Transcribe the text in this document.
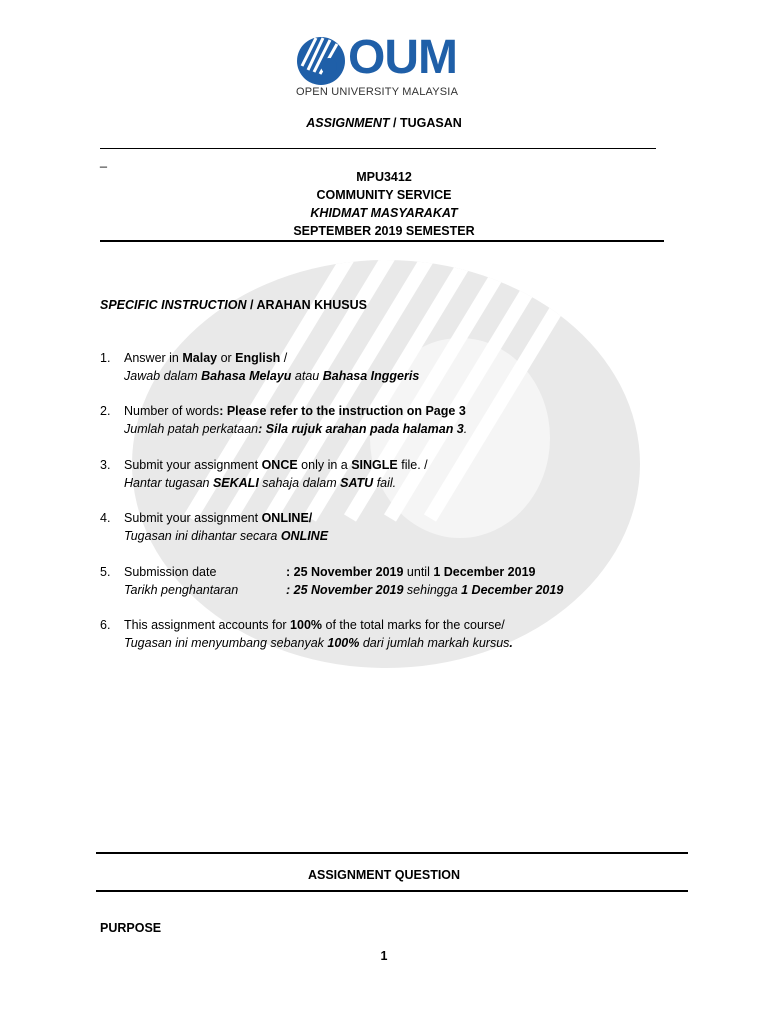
OUM
OPEN UNIVERSITY MALAYSIA
ASSIGNMENT / TUGASAN
_
MPU3412
COMMUNITY SERVICE
KHIDMAT MASYARAKAT
SEPTEMBER 2019 SEMESTER
SPECIFIC INSTRUCTION / ARAHAN KHUSUS
1. Answer in Malay or English /
Jawab dalam Bahasa Melayu atau Bahasa Inggeris
2. Number of words: Please refer to the instruction on Page 3
Jumlah patah perkataan: Sila rujuk arahan pada halaman 3.
3. Submit your assignment ONCE only in a SINGLE file. /
Hantar tugasan SEKALI sahaja dalam SATU fail.
4. Submit your assignment ONLINE/
Tugasan ini dihantar secara ONLINE
5. Submission date
Tarikh penghantaran
: 25 November 2019 until 1 December 2019
: 25 November 2019 sehingga 1 December 2019
6. This assignment accounts for 100% of the total marks for the course/
Tugasan ini menyumbang sebanyak 100% dari jumlah markah kursus.
ASSIGNMENT QUESTION
PURPOSE
1
